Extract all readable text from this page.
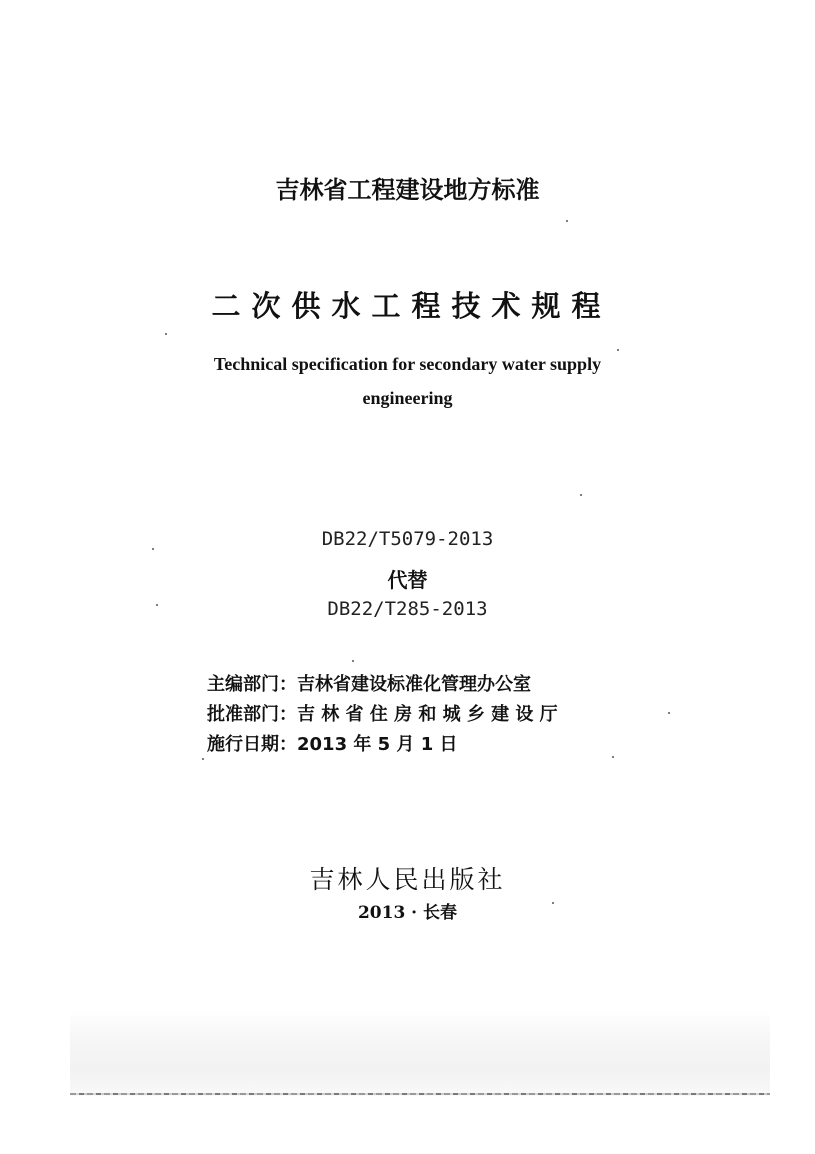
吉林省工程建设地方标准
二次供水工程技术规程
Technical specification for secondary water supply
engineering
DB22/T5079-2013
代替
DB22/T285-2013
主编部门：吉林省建设标准化管理办公室
批准部门：吉 林 省 住 房 和 城 乡 建 设 厅
施行日期：2013 年 5 月 1 日
吉林人民出版社
2013 · 长春
